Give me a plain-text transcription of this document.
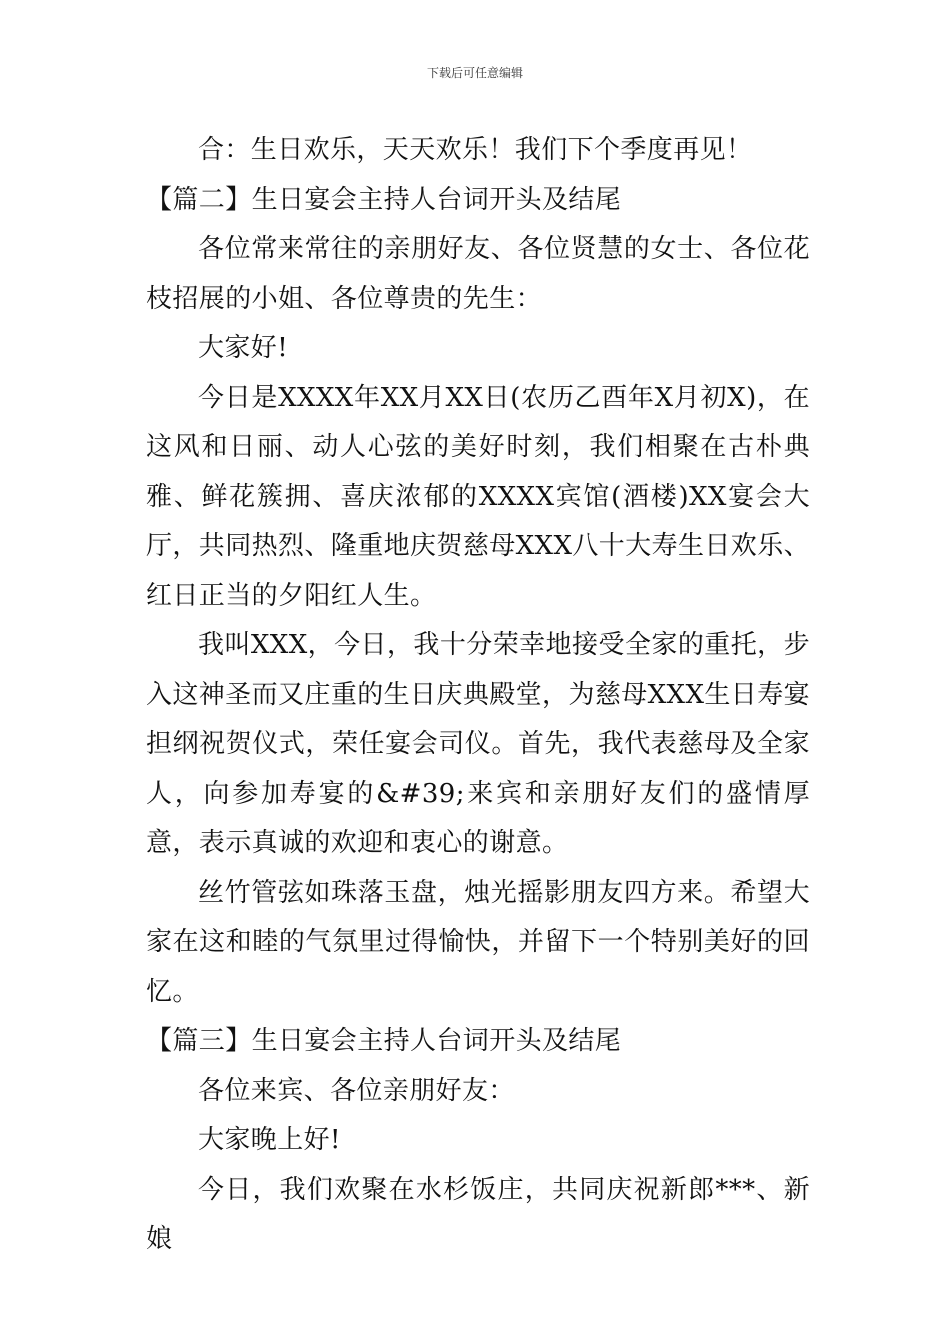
下载后可任意编辑

合：生日欢乐，天天欢乐！我们下个季度再见！

【篇二】生日宴会主持人台词开头及结尾

各位常来常往的亲朋好友、各位贤慧的女士、各位花枝招展的小姐、各位尊贵的先生：

大家好!

今日是XXXX年XX月XX日(农历乙酉年X月初X)，在这风和日丽、动人心弦的美好时刻，我们相聚在古朴典雅、鲜花簇拥、喜庆浓郁的XXXX宾馆(酒楼)XX宴会大厅，共同热烈、隆重地庆贺慈母XXX八十大寿生日欢乐、红日正当的夕阳红人生。

我叫XXX，今日，我十分荣幸地接受全家的重托，步入这神圣而又庄重的生日庆典殿堂，为慈母XXX生日寿宴担纲祝贺仪式，荣任宴会司仪。首先，我代表慈母及全家人，向参加寿宴的&#39;来宾和亲朋好友们的盛情厚意，表示真诚的欢迎和衷心的谢意。

丝竹管弦如珠落玉盘，烛光摇影朋友四方来。希望大家在这和睦的气氛里过得愉快，并留下一个特别美好的回忆。

【篇三】生日宴会主持人台词开头及结尾

各位来宾、各位亲朋好友：

大家晚上好!

今日，我们欢聚在水杉饭庄，共同庆祝新郎***、新娘
